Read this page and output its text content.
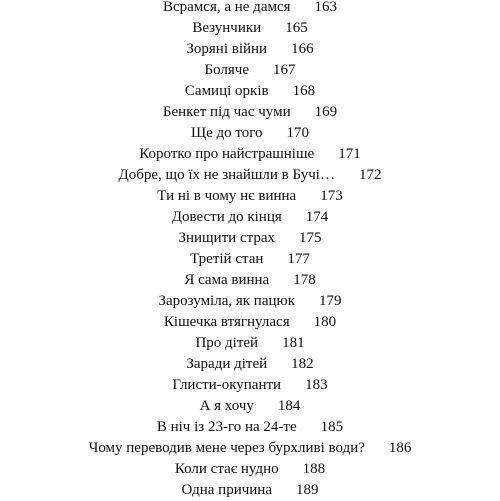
Всрамся, а не дамся 163
Везунчики 165
Зоряні війни 166
Боляче 167
Самиці орків 168
Бенкет під час чуми 169
Ще до того 170
Коротко про найстрашніше 171
Добре, що їх не знайшли в Бучі… 172
Ти ні в чому нє винна 173
Довести до кінця 174
Знищити страх 175
Третій стан 177
Я сама винна 178
Зарозуміла, як пацюк 179
Кішечка втягнулася 180
Про дітей 181
Заради дітей 182
Глисти-окупанти 183
А я хочу 184
В ніч із 23-го на 24-те 185
Чому переводив мене через бурхливі води? 186
Коли стає нудно 188
Одна причина 189
